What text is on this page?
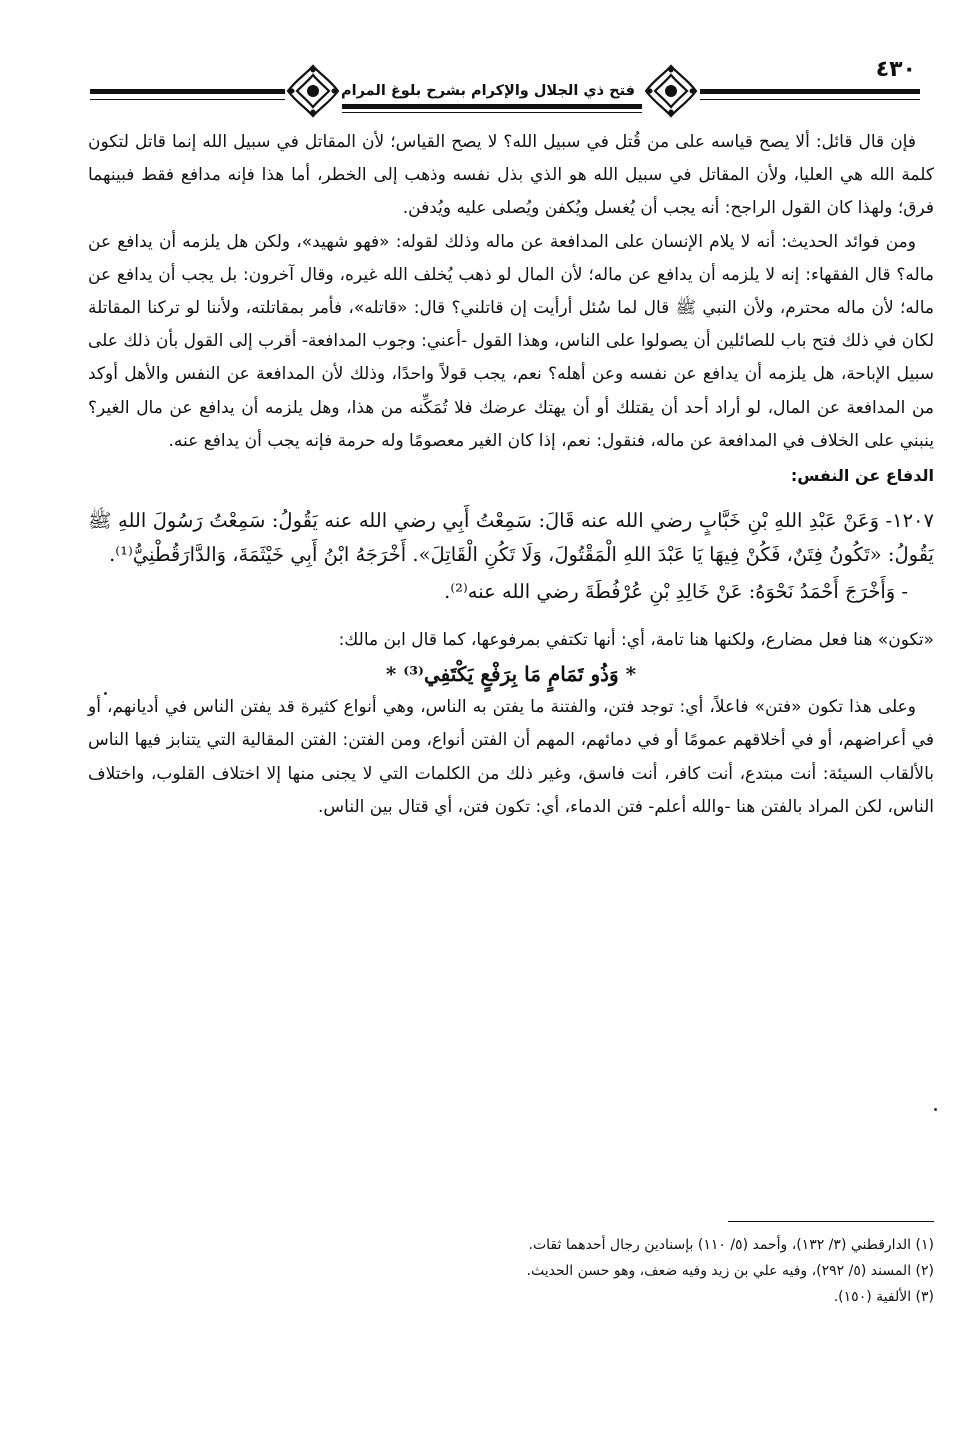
فتح ذي الجلال والإكرام بشرح بلوغ المرام
٤٣٠

فإن قال قائل: ألا يصح قياسه على من قُتل في سبيل الله؟ لا يصح القياس؛ لأن المقاتل في سبيل الله إنما قاتل لتكون كلمة الله هي العليا، ولأن المقاتل في سبيل الله هو الذي بذل نفسه وذهب إلى الخطر، أما هذا فإنه مدافع فقط فبينهما فرق؛ ولهذا كان القول الراجح: أنه يجب أن يُغسل ويُكفن ويُصلى عليه ويُدفن.

ومن فوائد الحديث: أنه لا يلام الإنسان على المدافعة عن ماله وذلك لقوله: «فهو شهيد»، ولكن هل يلزمه أن يدافع عن ماله؟ قال الفقهاء: إنه لا يلزمه أن يدافع عن ماله؛ لأن المال لو ذهب يُخلف الله غيره، وقال آخرون: بل يجب أن يدافع عن ماله؛ لأن ماله محترم، ولأن النبي ﷺ قال لما سُئل أرأيت إن قاتلني؟ قال: «قاتله»، فأمر بمقاتلته، ولأننا لو تركنا المقاتلة لكان في ذلك فتح باب للصائلين أن يصولوا على الناس، وهذا القول -أعني: وجوب المدافعة- أقرب إلى القول بأن ذلك على سبيل الإباحة، هل يلزمه أن يدافع عن نفسه وعن أهله؟ نعم، يجب قولاً واحدًا، وذلك لأن المدافعة عن النفس والأهل أوكد من المدافعة عن المال، لو أراد أحد أن يقتلك أو أن يهتك عرضك فلا تُمَكِّنه من هذا، وهل يلزمه أن يدافع عن مال الغير؟ ينبني على الخلاف في المدافعة عن ماله، فنقول: نعم، إذا كان الغير معصومًا وله حرمة فإنه يجب أن يدافع عنه.

الدفاع عن النفس:

١٢٠٧- وَعَنْ عَبْدِ اللهِ بْنِ خَبَّابٍ رضي الله عنه قَالَ: سَمِعْتُ أَبِي رضي الله عنه يَقُولُ: سَمِعْتُ رَسُولَ اللهِ ﷺ يَقُولُ: «تَكُونُ فِتَنٌ، فَكُنْ فِيهَا يَا عَبْدَ اللهِ الْمَقْتُولَ، وَلَا تَكُنِ الْقَاتِلَ». أَخْرَجَهُ ابْنُ أَبِي خَيْثَمَةَ، وَالدَّارَقُطْنِيُّ⁽¹⁾.

- وَأَخْرَجَ أَحْمَدُ نَحْوَهُ: عَنْ خَالِدِ بْنِ عُرْفُطَةَ رضي الله عنه⁽²⁾.

«تكون» هنا فعل مضارع، ولكنها هنا تامة، أي: أنها تكتفي بمرفوعها، كما قال ابن مالك:

* وَذُو تَمَامٍ مَا بِرَفْعٍ يَكْتَفِي⁽³⁾ *

وعلى هذا تكون «فتن» فاعلاً، أي: توجد فتن، والفتنة ما يفتن به الناس، وهي أنواع كثيرة قد يفتن الناس في أديانهم، أو في أعراضهم، أو في أخلاقهم عمومًا أو في دمائهم، المهم أن الفتن أنواع، ومن الفتن: الفتن المقالية التي يتنابز فيها الناس بالألقاب السيئة: أنت مبتدع، أنت كافر، أنت فاسق، وغير ذلك من الكلمات التي لا يجنى منها إلا اختلاف القلوب، واختلاف الناس، لكن المراد بالفتن هنا -والله أعلم- فتن الدماء، أي: تكون فتن، أي قتال بين الناس.

(١) الدارقطني (٣/ ١٣٢)، وأحمد (٥/ ١١٠) بإسنادين رجال أحدهما ثقات.

(٢) المسند (٥/ ٢٩٢)، وفيه علي بن زيد وفيه ضعف، وهو حسن الحديث.

(٣) الألفية (١٥٠).
